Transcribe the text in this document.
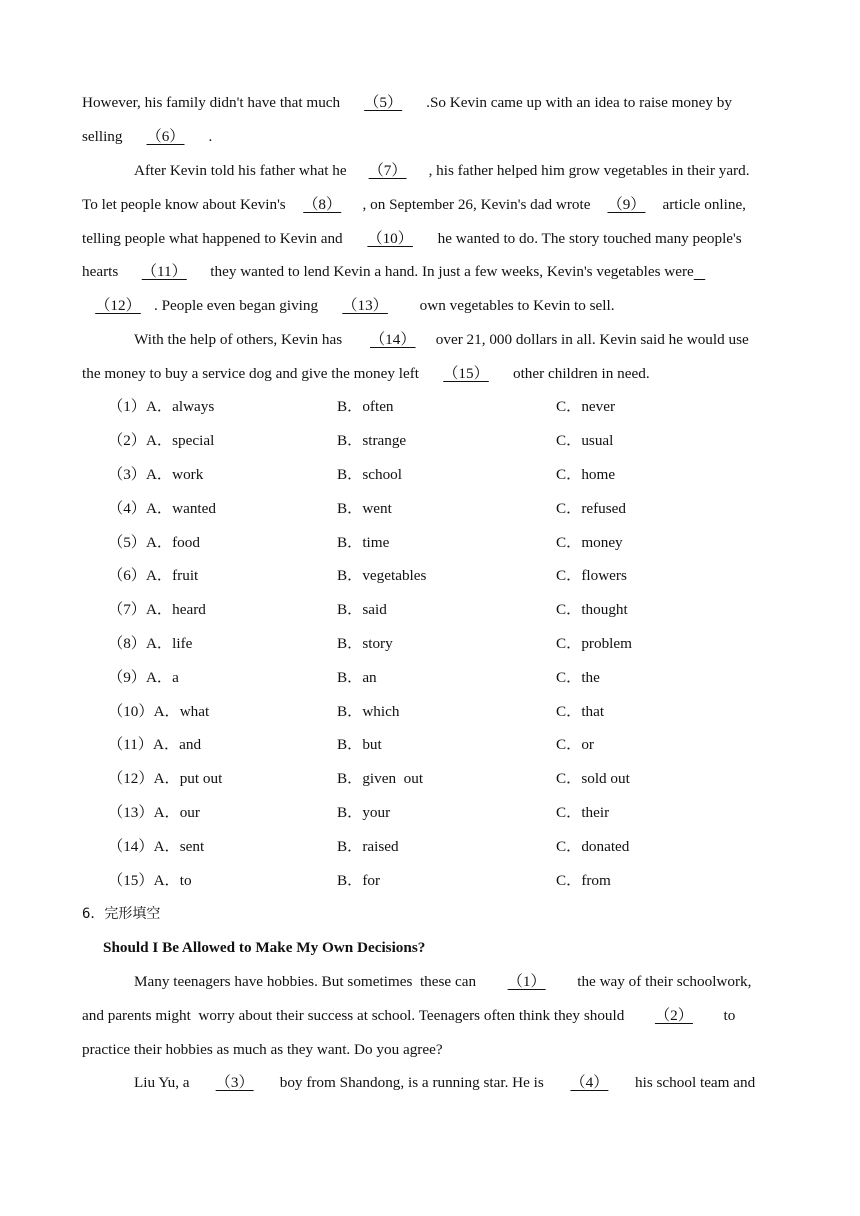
However, his family didn't have that much （5） .So Kevin came up with an idea to raise money by
selling （6） .
After Kevin told his father what he （7） , his father helped him grow vegetables in their yard.
To let people know about Kevin's （8） , on September 26, Kevin's dad wrote （9） article online,
telling people what happened to Kevin and （10） he wanted to do. The story touched many people's
hearts （11） they wanted to lend Kevin a hand. In just a few weeks, Kevin's vegetables were
（12） . People even began giving （13）  own vegetables to Kevin to sell.
With the help of others, Kevin has  （14） over 21, 000 dollars in all. Kevin said he would use
the money to buy a service dog and give the money left （15） other children in need.
（1）A．always	B．often	C．never
（2）A．special	B．strange	C．usual
（3）A．work	B．school	C．home
（4）A．wanted	B．went	C．refused
（5）A．food	B．time	C．money
（6）A．fruit	B．vegetables	C．flowers
（7）A．heard	B．said	C．thought
（8）A．life	B．story	C．problem
（9）A．a	B．an	C．the
（10）A．what	B．which	C．that
（11）A．and	B．but	C．or
（12）A．put out	B．given  out	C．sold out
（13）A．our	B．your	C．their
（14）A．sent	B．raised	C．donated
（15）A．to	B．for	C．from
6．完形填空
Should I Be Allowed to Make My Own Decisions?
Many teenagers have hobbies. But sometimes  these can  （1）  the way of their schoolwork,
and parents might  worry about their success at school. Teenagers often think they should  （2）  to
practice their hobbies as much as they want. Do you agree?
Liu Yu, a  （3）  boy from Shandong, is a running star. He is  （4）  his school team and
